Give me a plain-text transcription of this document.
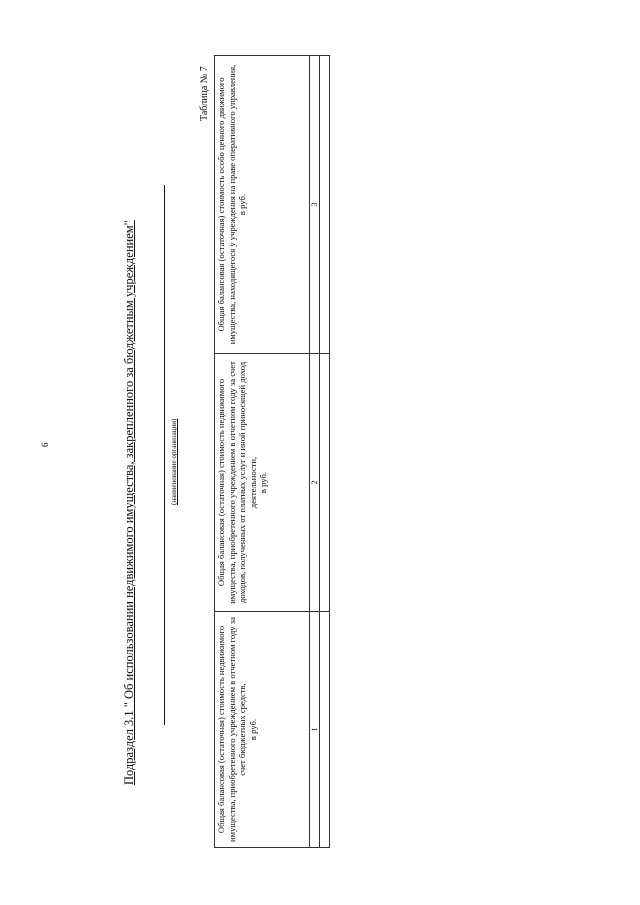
6	Подраздел 3.1 " Об использовании недвижимого имущества, закрепленного за бюджетным учреждением"	(наименование организации)
Таблица № 7
Общая балансовая (остаточная) стоимость недвижимого имущества, приобретенного учреждением в отчетном году за счет бюджетных средств, в руб.	Общая балансовая (остаточная) стоимость недвижимого имущества, приобретенного учреждением в отчетном году за счет доходов, полученных от платных услуг и иной приносящей доход деятельности, в руб.	Общая балансовая (остаточная) стоимость особо ценного движимого имущества, находящегося у учреждения на праве оперативного управления, в руб.

1	2	3
